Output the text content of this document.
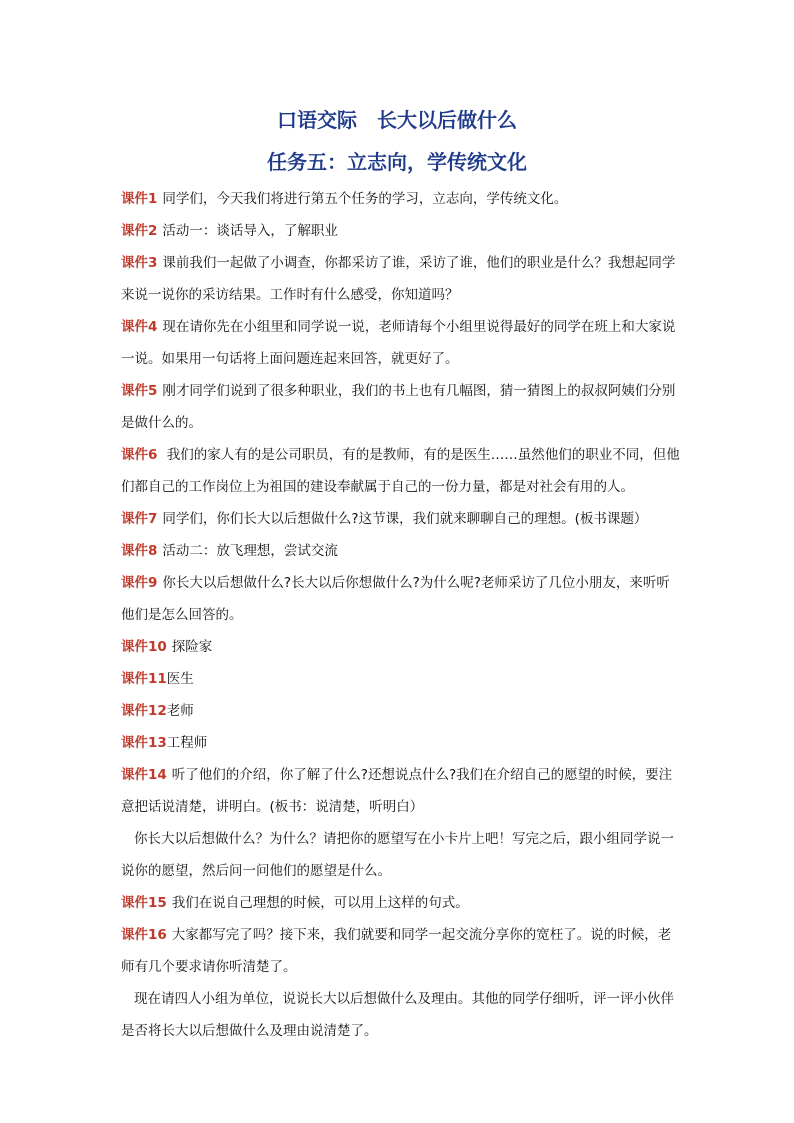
口语交际　长大以后做什么
任务五：立志向，学传统文化

课件1 同学们，今天我们将进行第五个任务的学习，立志向，学传统文化。

课件2 活动一：谈话导入，了解职业

课件3 课前我们一起做了小调查，你都采访了谁，采访了谁，他们的职业是什么？我想起同学来说一说你的采访结果。工作时有什么感受，你知道吗？

课件4 现在请你先在小组里和同学说一说，老师请每个小组里说得最好的同学在班上和大家说一说。如果用一句话将上面问题连起来回答，就更好了。

课件5 刚才同学们说到了很多种职业，我们的书上也有几幅图，猜一猜图上的叔叔阿姨们分别是做什么的。

课件6 我们的家人有的是公司职员，有的是教师，有的是医生……虽然他们的职业不同，但他们都自己的工作岗位上为祖国的建设奉献属于自己的一份力量，都是对社会有用的人。

课件7 同学们，你们长大以后想做什么?这节课，我们就来聊聊自己的理想。(板书课题）

课件8 活动二：放飞理想，尝试交流

课件9 你长大以后想做什么?长大以后你想做什么?为什么呢?老师采访了几位小朋友，来听听他们是怎么回答的。

课件10 探险家

课件11医生

课件12老师

课件13工程师

课件14 听了他们的介绍，你了解了什么?还想说点什么?我们在介绍自己的愿望的时候，要注意把话说清楚，讲明白。(板书：说清楚，听明白）

你长大以后想做什么？为什么？请把你的愿望写在小卡片上吧！写完之后，跟小组同学说一说你的愿望，然后问一问他们的愿望是什么。

课件15 我们在说自己理想的时候，可以用上这样的句式。

课件16 大家都写完了吗？接下来，我们就要和同学一起交流分享你的宽枉了。说的时候，老师有几个要求请你听清楚了。

现在请四人小组为单位，说说长大以后想做什么及理由。其他的同学仔细听，评一评小伙伴是否将长大以后想做什么及理由说清楚了。
